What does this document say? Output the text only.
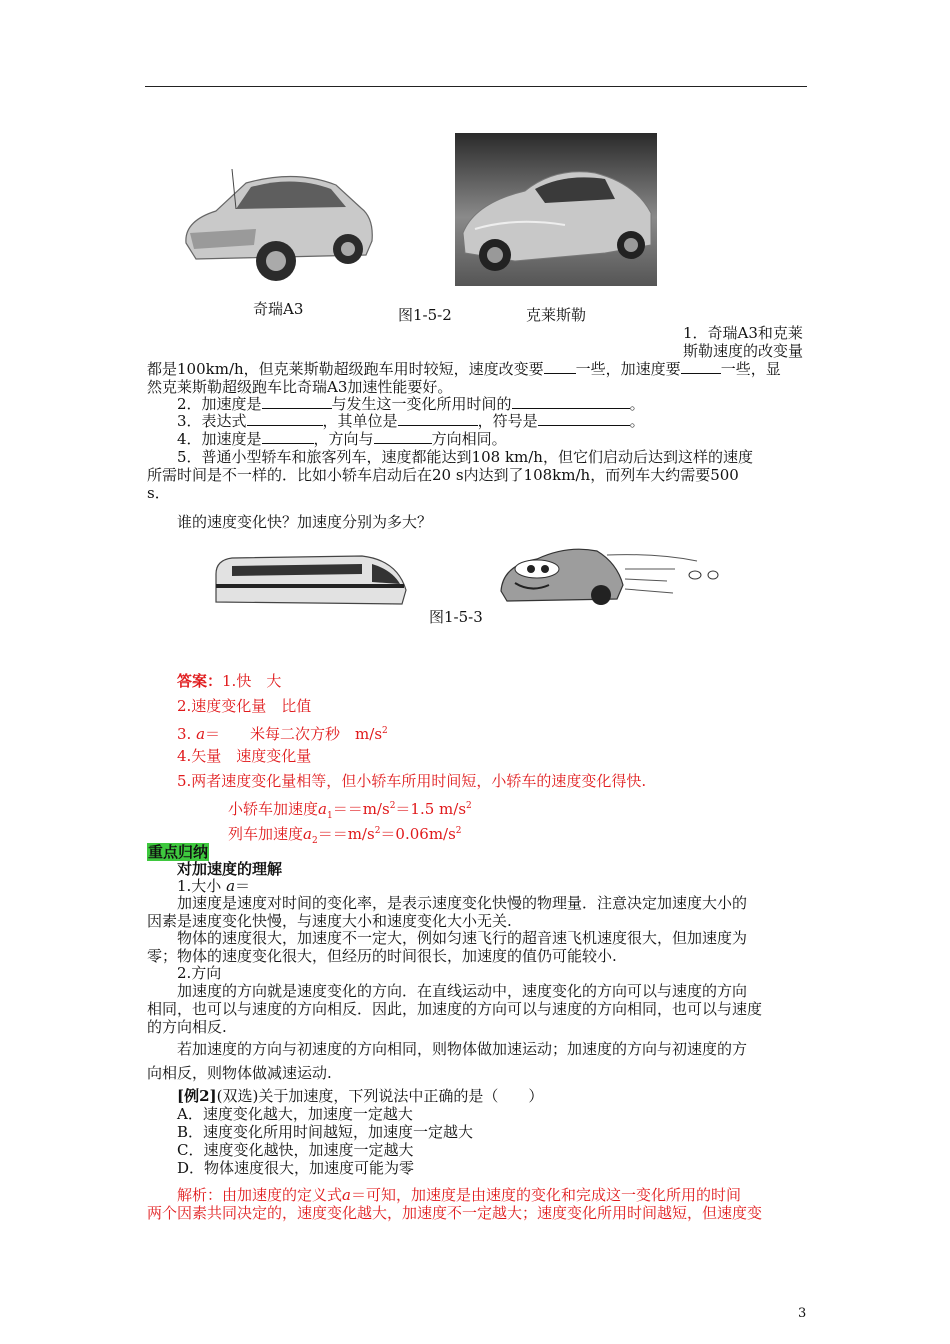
奇瑞A3	图1-5-2	克莱斯勒
1．奇瑞A3和克莱
斯勒速度的改变量
都是100km/h，但克莱斯勒超级跑车用时较短，速度改变要 一些，加速度要	一些，显
然克莱斯勒超级跑车比奇瑞A3加速性能要好。
2．加速度是	与发生这一变化所用时间的	。
3．表达式	，其单位是	，符号是	。
4．加速度是	，方向与	方向相同。
5．普通小型轿车和旅客列车，速度都能达到108 km/h，但它们启动后达到这样的速度
所需时间是不一样的．比如小轿车启动后在20 s内达到了108km/h，而列车大约需要500
s．
谁的速度变化快？加速度分别为多大？
图1-5-3
答案：1.快　大
2.速度变化量　比值
3. a＝　　米每二次方秒　$m/s^2$
4.矢量　速度变化量
5.两者速度变化量相等，但小轿车所用时间短，小轿车的速度变化得快.
小轿车加速度$a_1==m/s^2=1.5$ $m/s^2$
列车加速度$a_2==m/s^2=0.06m/s^2$
重点归纳
对加速度的理解
1.大小 a＝
加速度是速度对时间的变化率，是表示速度变化快慢的物理量．注意决定加速度大小的
因素是速度变化快慢，与速度大小和速度变化大小无关.
物体的速度很大，加速度不一定大，例如匀速飞行的超音速飞机速度很大，但加速度为
零；物体的速度变化很大，但经历的时间很长，加速度的值仍可能较小.
2.方向
加速度的方向就是速度变化的方向．在直线运动中，速度变化的方向可以与速度的方向
相同，也可以与速度的方向相反．因此，加速度的方向可以与速度的方向相同，也可以与速度
的方向相反.
若加速度的方向与初速度的方向相同，则物体做加速运动；加速度的方向与初速度的方
向相反，则物体做减速运动.
[例2](双选)关于加速度，下列说法中正确的是（　　）
A．速度变化越大，加速度一定越大
B．速度变化所用时间越短，加速度一定越大
C．速度变化越快，加速度一定越大
D．物体速度很大，加速度可能为零
解析：由加速度的定义式a＝可知，加速度是由速度的变化和完成这一变化所用的时间
两个因素共同决定的，速度变化越大，加速度不一定越大；速度变化所用时间越短，但速度变
3
